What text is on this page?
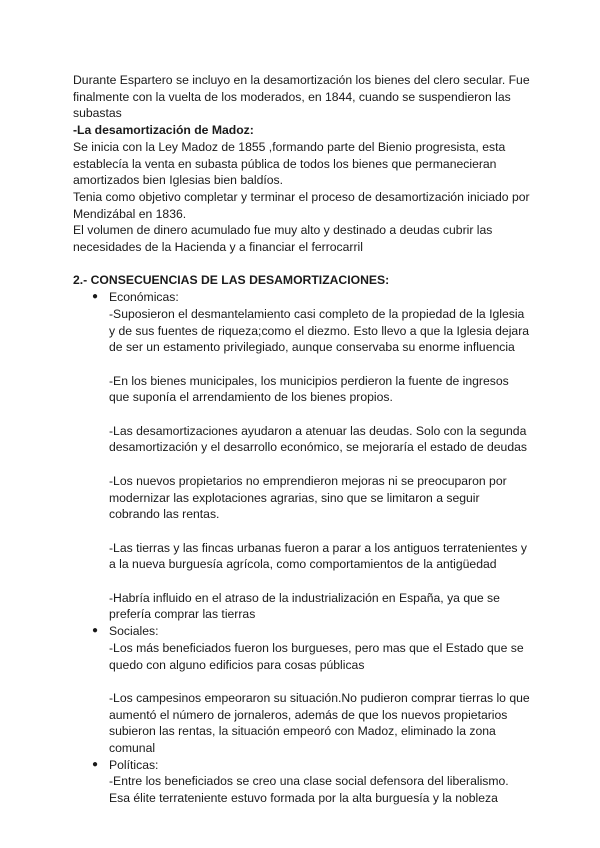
Durante Espartero se incluyo en la desamortización los bienes del clero secular. Fue

finalmente con la vuelta de los moderados, en 1844, cuando se suspendieron las

subastas

-La desamortización de Madoz:

Se inicia con la Ley Madoz de 1855 ,formando parte del Bienio progresista, esta

establecía la venta en subasta pública de todos los bienes que permanecieran

amortizados bien Iglesias bien baldíos.

Tenia como objetivo completar y terminar el proceso de desamortización iniciado por

Mendizábal en 1836.

El volumen de dinero acumulado fue muy alto y destinado a deudas cubrir las

necesidades de la Hacienda y a financiar el ferrocarril

2.- CONSECUENCIAS DE LAS DESAMORTIZACIONES:

● Económicas:

-Suposieron el desmantelamiento casi completo de la propiedad de la Iglesia

y de sus fuentes de riqueza;como el diezmo. Esto llevo a que la Iglesia dejara

de ser un estamento privilegiado, aunque conservaba su enorme influencia

-En los bienes municipales, los municipios perdieron la fuente de ingresos

que suponía el arrendamiento de los bienes propios.

-Las desamortizaciones ayudaron a atenuar las deudas. Solo con la segunda

desamortización y el desarrollo económico, se mejoraría el estado de deudas

-Los nuevos propietarios no emprendieron mejoras ni se preocuparon por

modernizar las explotaciones agrarias, sino que se limitaron a seguir

cobrando las rentas.

-Las tierras y las fincas urbanas fueron a parar a los antiguos terratenientes y

a la nueva burguesía agrícola, como comportamientos de la antigüedad

-Habría influido en el atraso de la industrialización en España, ya que se

prefería comprar las tierras

● Sociales:

-Los más beneficiados fueron los burgueses, pero mas que el Estado que se

quedo con alguno edificios para cosas públicas

-Los campesinos empeoraron su situación.No pudieron comprar tierras lo que

aumentó el número de jornaleros, además de que los nuevos propietarios

subieron las rentas, la situación empeoró con Madoz, eliminado la zona

comunal

● Políticas:

-Entre los beneficiados se creo una clase social defensora del liberalismo.

Esa élite terrateniente estuvo formada por la alta burguesía y la nobleza
